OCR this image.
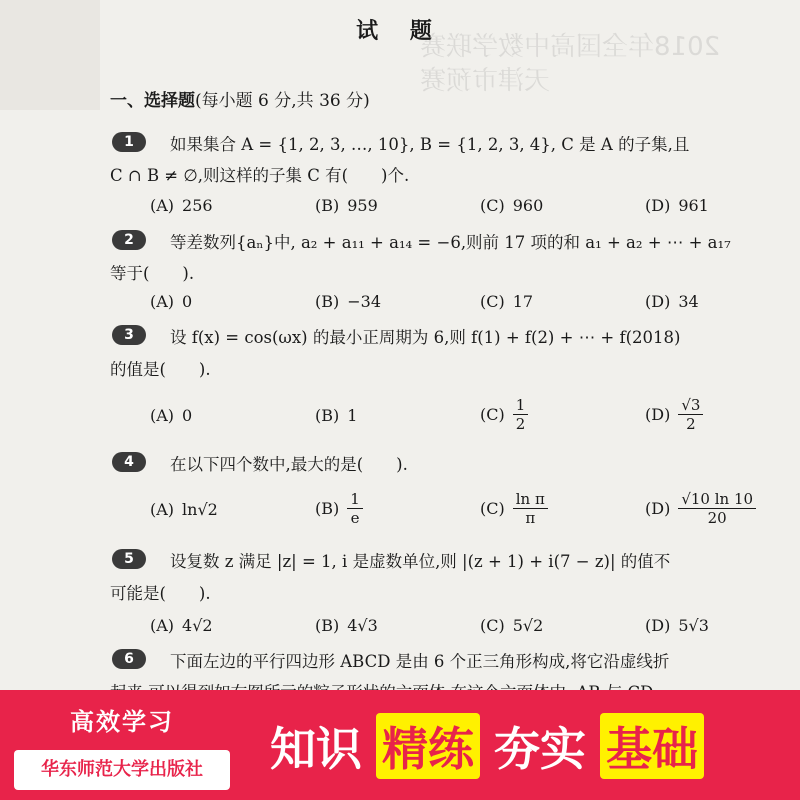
2018年全国高中数学联赛
天津市预赛
试 题
一、选择题(每小题 6 分,共 36 分)
1	如果集合 A = {1, 2, 3, …, 10}, B = {1, 2, 3, 4}, C 是 A 的子集,且
C ∩ B ≠ ∅,则这样的子集 C 有(　　)个.
(A) 256	(B) 959	(C) 960	(D) 961
2	等差数列{aₙ}中, a₂ + a₁₁ + a₁₄ = −6,则前 17 项的和 a₁ + a₂ + ⋯ + a₁₇
等于(　　).
(A) 0	(B) −34	(C) 17	(D) 34
3	设 f(x) = cos(ωx) 的最小正周期为 6,则 f(1) + f(2) + ⋯ + f(2018)
的值是(　　).
(A) 0	(B) 1	$(C) \frac{1}{2}$	$(D) \frac{√3}{2}$
4	在以下四个数中,最大的是(　　).
(A) ln√2	$(B) \frac{1}{e}$	$(C) \frac{\text{ln π}}{\pi}$	$(D) \frac{√10 \ln 10}{20}$
5	设复数 z 满足 |z| = 1, i 是虚数单位,则 |(z + 1) + i(7 − z)| 的值不
可能是(　　).
(A) 4√2	(B) 4√3	(C) 5√2	(D) 5√3
6	下面左边的平行四边形 ABCD 是由 6 个正三角形构成,将它沿虚线折
高效学习
华东师范大学出版社	知识 精练 夯实 基础
